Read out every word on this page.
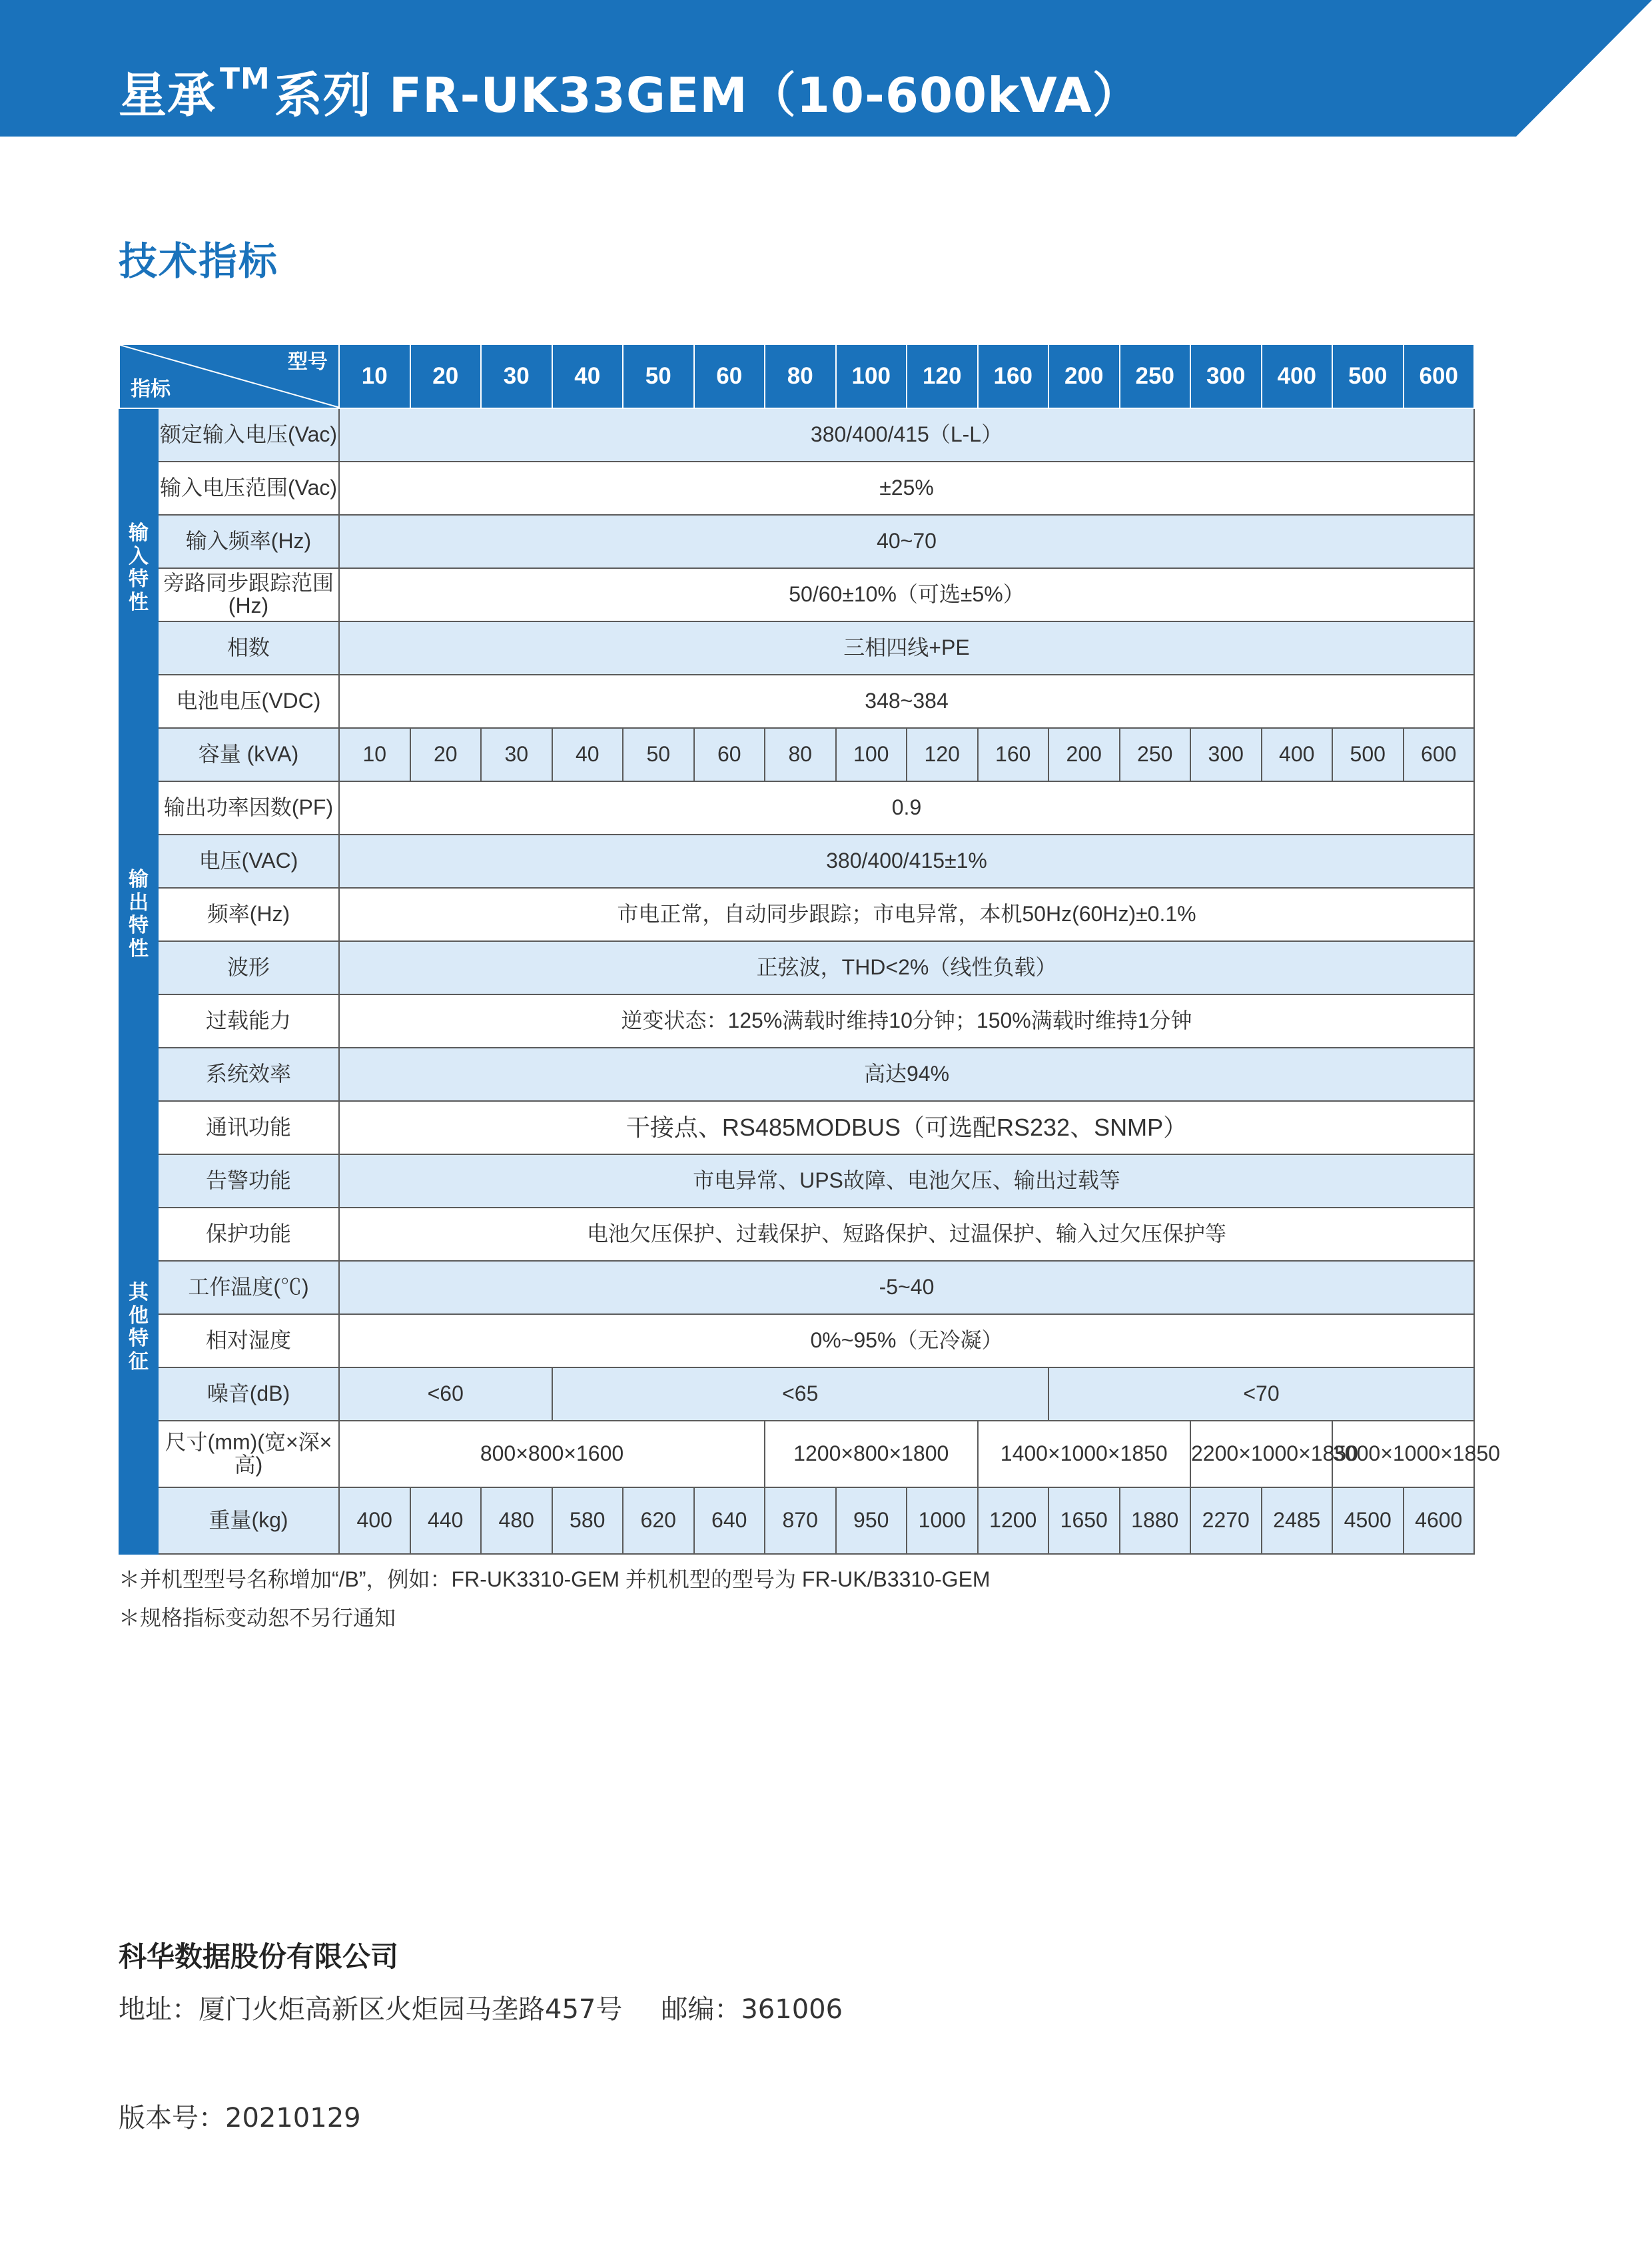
星承 ™系列 FR-UK33GEM（10-600kVA）
技术指标
型号
指标		10	20	30	40	50	60	80	100	120	160	200	250	300	400	500	600
输入特性	额定输入电压(Vac)	380/400/415（L-L）															
	输入电压范围(Vac)	±25%															
	输入频率(Hz)	40~70															
	旁路同步跟踪范围(Hz)	50/60±10%（可选±5%）															
	相数	三相四线+PE															
	电池电压(VDC)	348~384															
输出特性	容量 (kVA)	10	20	30	40	50	60	80	100	120	160	200	250	300	400	500	600
	输出功率因数(PF)	0.9															
	电压(VAC)	380/400/415±1%															
	频率(Hz)	市电正常，自动同步跟踪；市电异常，本机50Hz(60Hz)±0.1%															
	波形	正弦波，THD<2%（线性负载）															
	过载能力	逆变状态：125%满载时维持10分钟；150%满载时维持1分钟															
	系统效率	高达94%															
其他特征	通讯功能	干接点、RS485MODBUS（可选配RS232、SNMP）															
	告警功能	市电异常、UPS故障、电池欠压、输出过载等															
	保护功能	电池欠压保护、过载保护、短路保护、过温保护、输入过欠压保护等															
	工作温度(℃)	-5~40															
	相对湿度	0%~95%（无冷凝）															
	噪音(dB)	<60			<65							<70					
	尺寸(mm)(宽×深×高)	800×800×1600						1200×800×1800			1400×1000×1850			2200×1000×1850		3000×1000×1850	
	重量(kg)	400	440	480	580	620	640	870	950	1000	1200	1650	1880	2270	2485	4500	4600
＊并机型型号名称增加“/B”，例如：FR-UK3310-GEM 并机机型的型号为 FR-UK/B3310-GEM
＊规格指标变动恕不另行通知
科华数据股份有限公司
地址：厦门火炬高新区火炬园马垄路457号 邮编：361006
版本号：20210129
